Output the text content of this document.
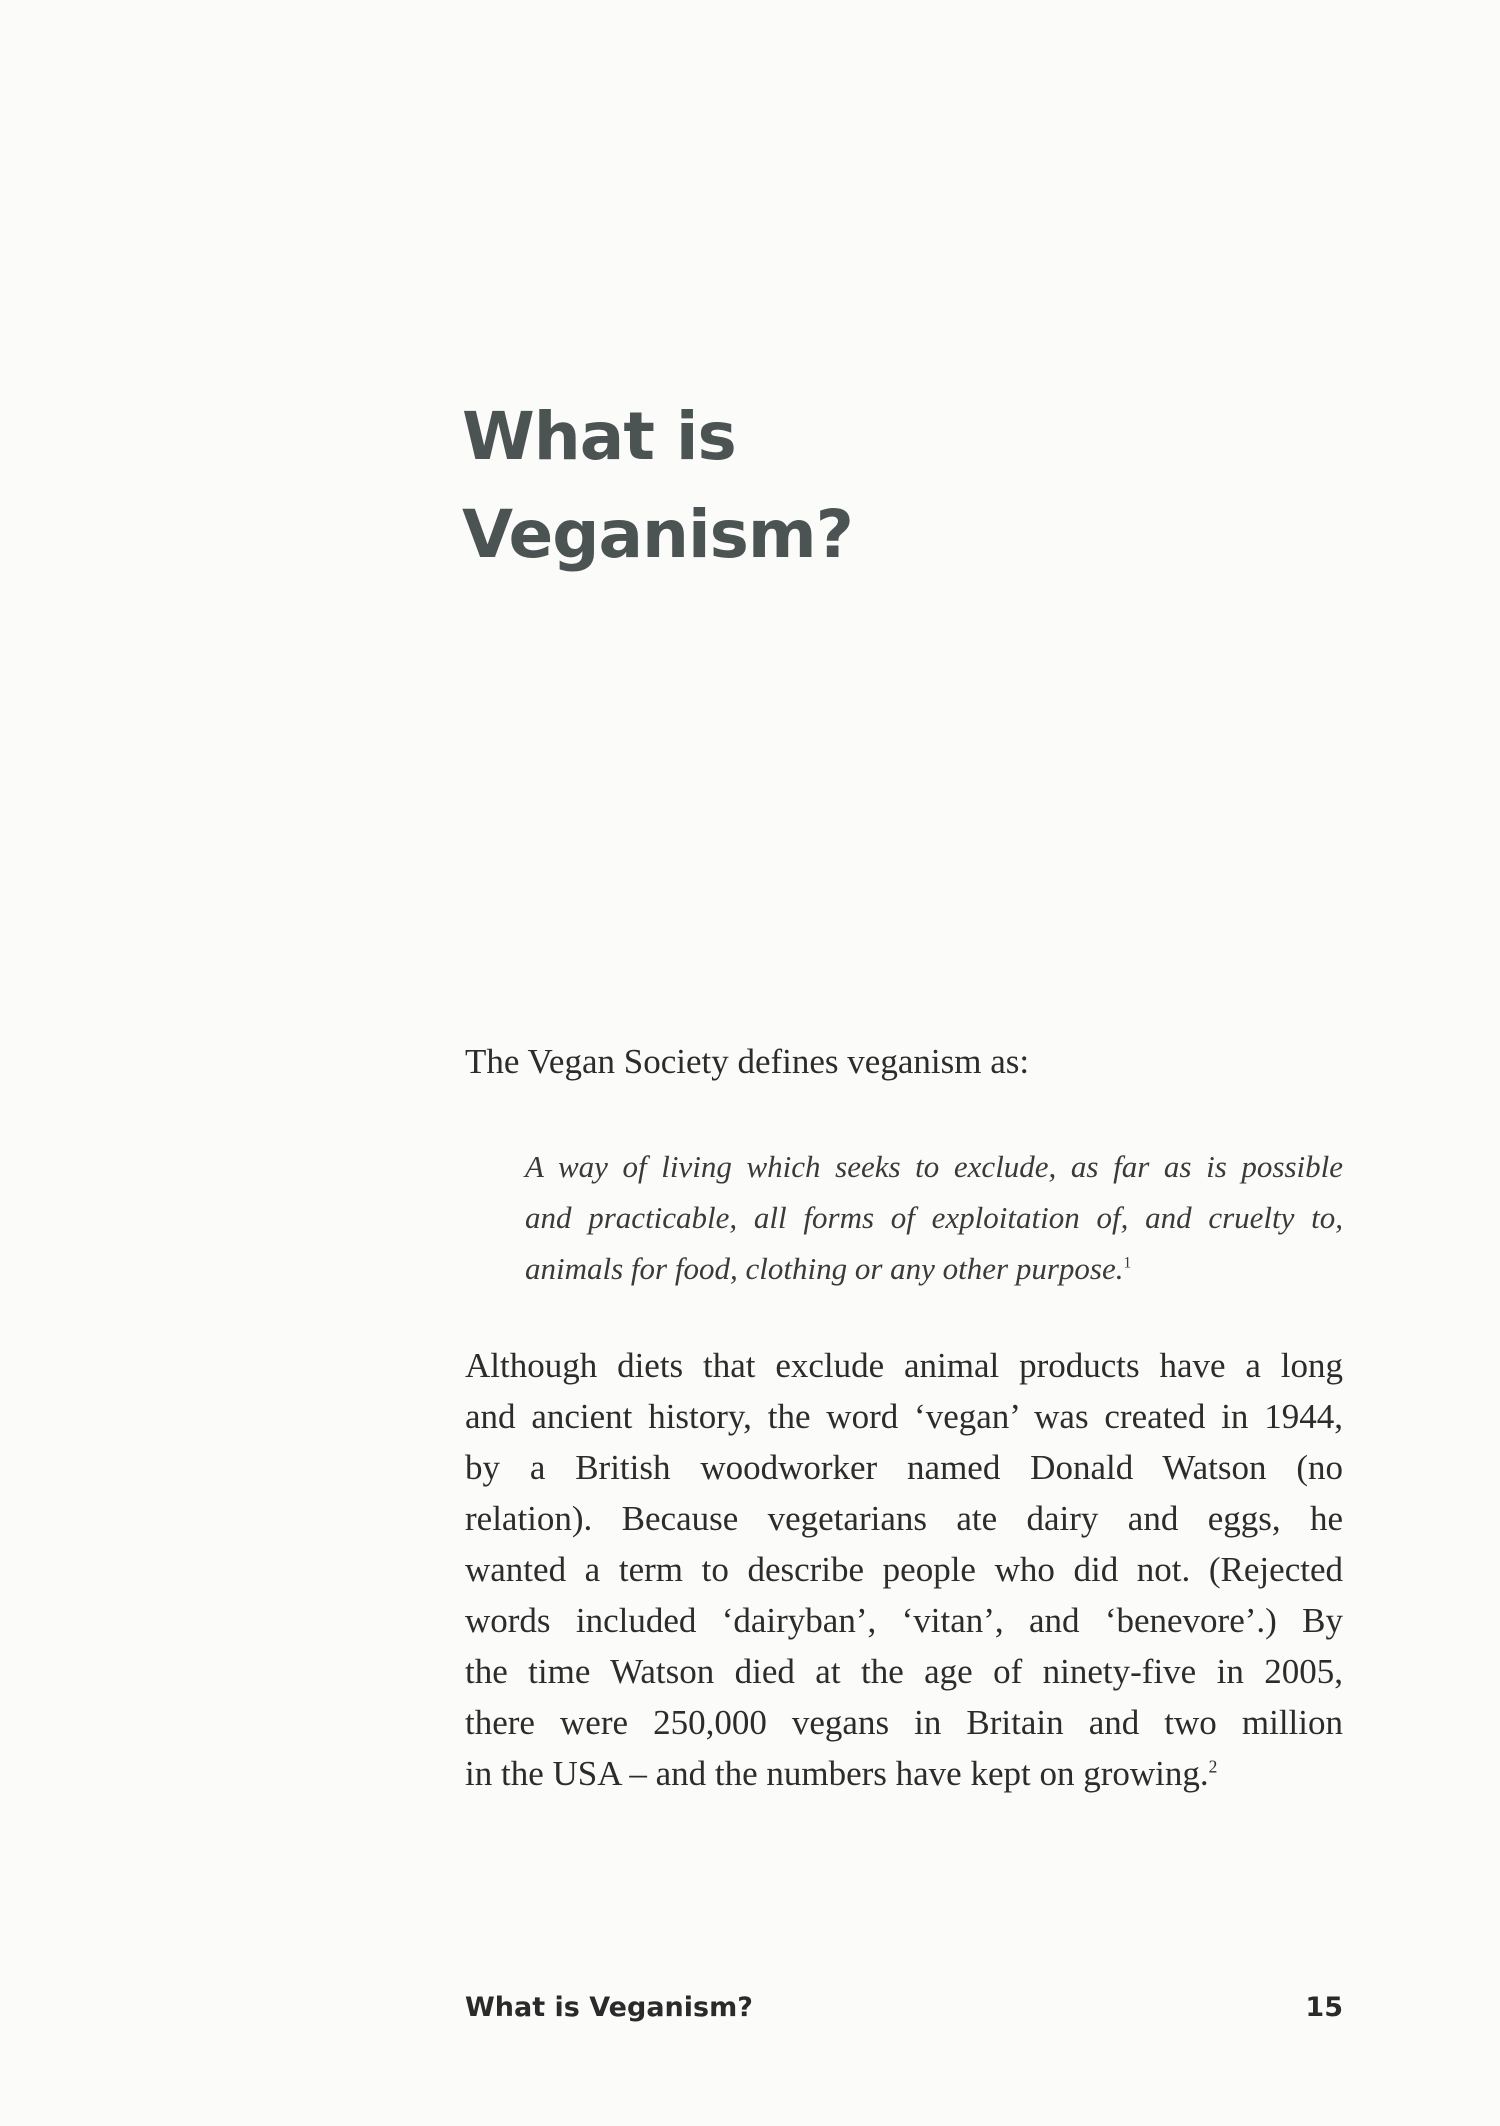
What is
Veganism?

The Vegan Society defines veganism as:

A way of living which seeks to exclude, as far as is possible
and practicable, all forms of exploitation of, and cruelty to,
animals for food, clothing or any other purpose.$^1$

Although diets that exclude animal products have a long
and ancient history, the word ‘vegan’ was created in 1944,
by a British woodworker named Donald Watson (no
relation). Because vegetarians ate dairy and eggs, he
wanted a term to describe people who did not. (Rejected
words included ‘dairyban’, ‘vitan’, and ‘benevore’.) By
the time Watson died at the age of ninety-five in 2005,
there were 250,000 vegans in Britain and two million
in the USA – and the numbers have kept on growing.$^2$

What is Veganism?	15
